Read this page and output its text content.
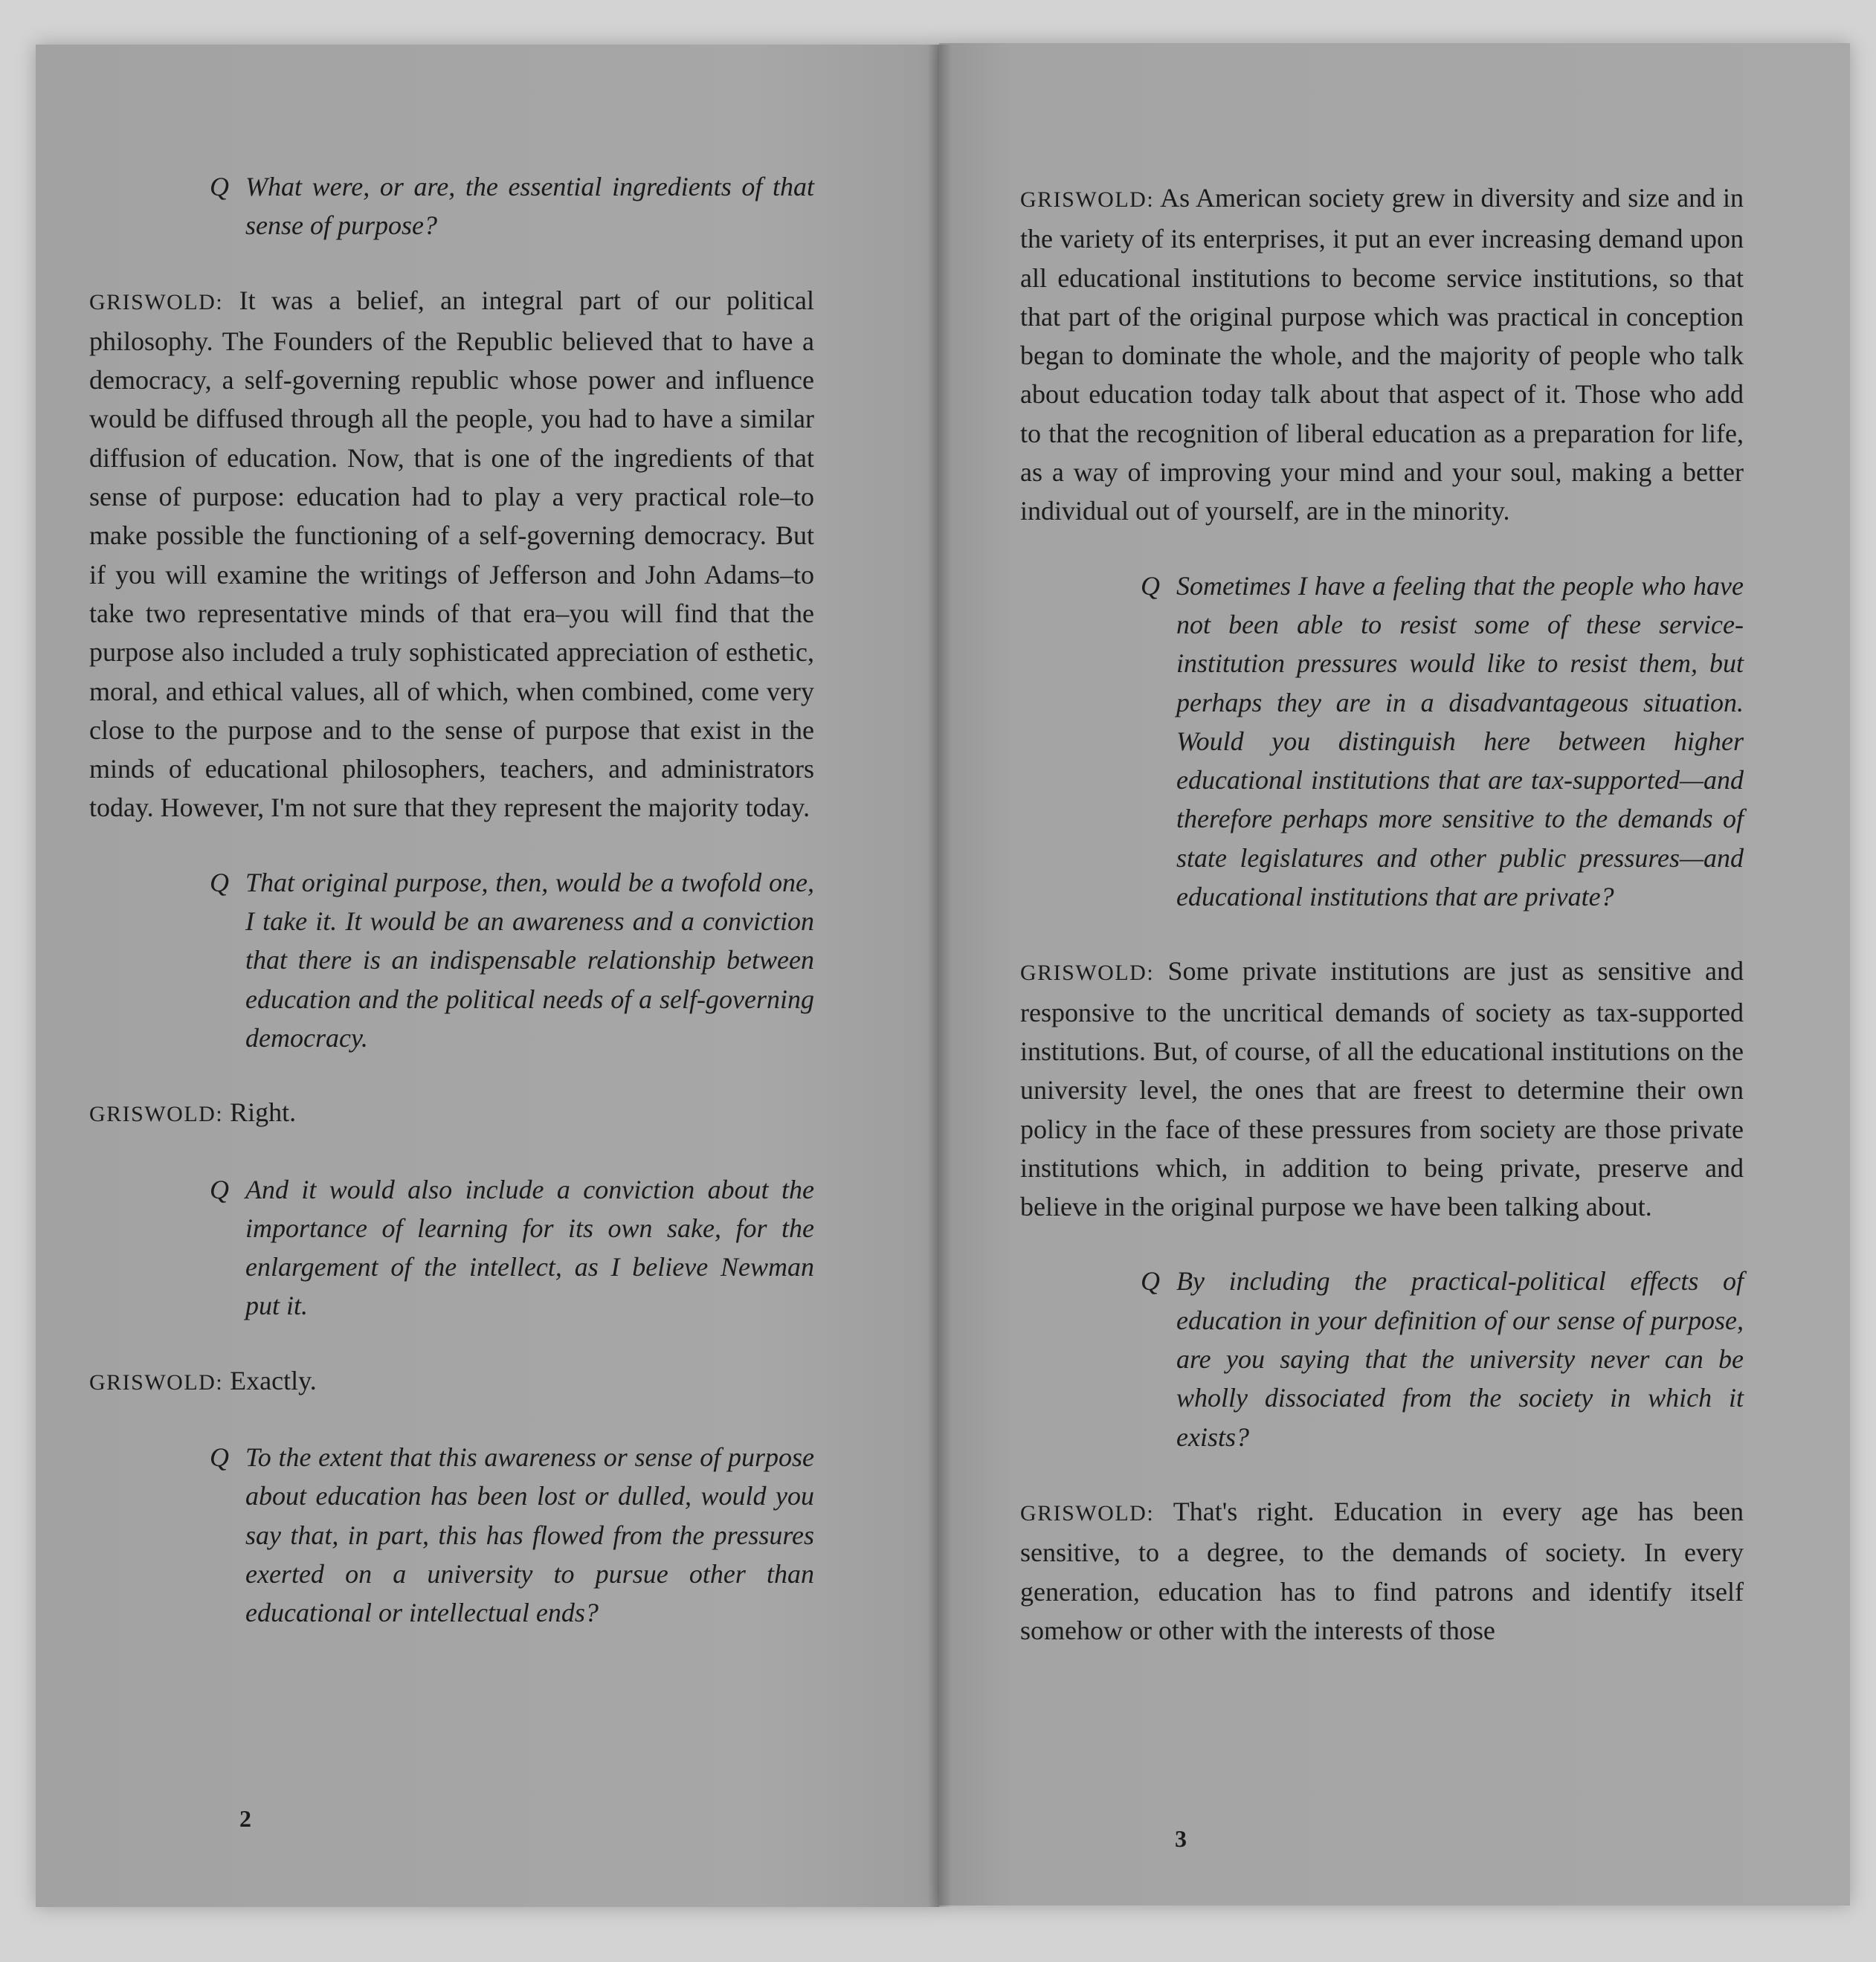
Q What were, or are, the essential ingredients of that sense of purpose?

GRISWOLD: It was a belief, an integral part of our political philosophy. The Founders of the Republic believed that to have a democracy, a self-governing republic whose power and influence would be diffused through all the people, you had to have a similar diffusion of education. Now, that is one of the ingredients of that sense of purpose: education had to play a very practical role–to make possible the functioning of a self-governing democracy. But if you will examine the writings of Jefferson and John Adams–to take two representative minds of that era–you will find that the purpose also included a truly sophisticated appreciation of esthetic, moral, and ethical values, all of which, when combined, come very close to the purpose and to the sense of purpose that exist in the minds of educational philosophers, teachers, and administrators today. However, I'm not sure that they represent the majority today.

Q That original purpose, then, would be a twofold one, I take it. It would be an awareness and a conviction that there is an indispensable relationship between education and the political needs of a self-governing democracy.

GRISWOLD: Right.

Q And it would also include a conviction about the importance of learning for its own sake, for the enlargement of the intellect, as I believe Newman put it.

GRISWOLD: Exactly.

Q To the extent that this awareness or sense of purpose about education has been lost or dulled, would you say that, in part, this has flowed from the pressures exerted on a university to pursue other than educational or intellectual ends?

2

GRISWOLD: As American society grew in diversity and size and in the variety of its enterprises, it put an ever increasing demand upon all educational institutions to become service institutions, so that that part of the original purpose which was practical in conception began to dominate the whole, and the majority of people who talk about education today talk about that aspect of it. Those who add to that the recognition of liberal education as a preparation for life, as a way of improving your mind and your soul, making a better individual out of yourself, are in the minority.

Q Sometimes I have a feeling that the people who have not been able to resist some of these service-institution pressures would like to resist them, but perhaps they are in a disadvantageous situation. Would you distinguish here between higher educational institutions that are tax-supported—and therefore perhaps more sensitive to the demands of state legislatures and other public pressures—and educational institutions that are private?

GRISWOLD: Some private institutions are just as sensitive and responsive to the uncritical demands of society as tax-supported institutions. But, of course, of all the educational institutions on the university level, the ones that are freest to determine their own policy in the face of these pressures from society are those private institutions which, in addition to being private, preserve and believe in the original purpose we have been talking about.

Q By including the practical-political effects of education in your definition of our sense of purpose, are you saying that the university never can be wholly dissociated from the society in which it exists?

GRISWOLD: That's right. Education in every age has been sensitive, to a degree, to the demands of society. In every generation, education has to find patrons and identify itself somehow or other with the interests of those

3
